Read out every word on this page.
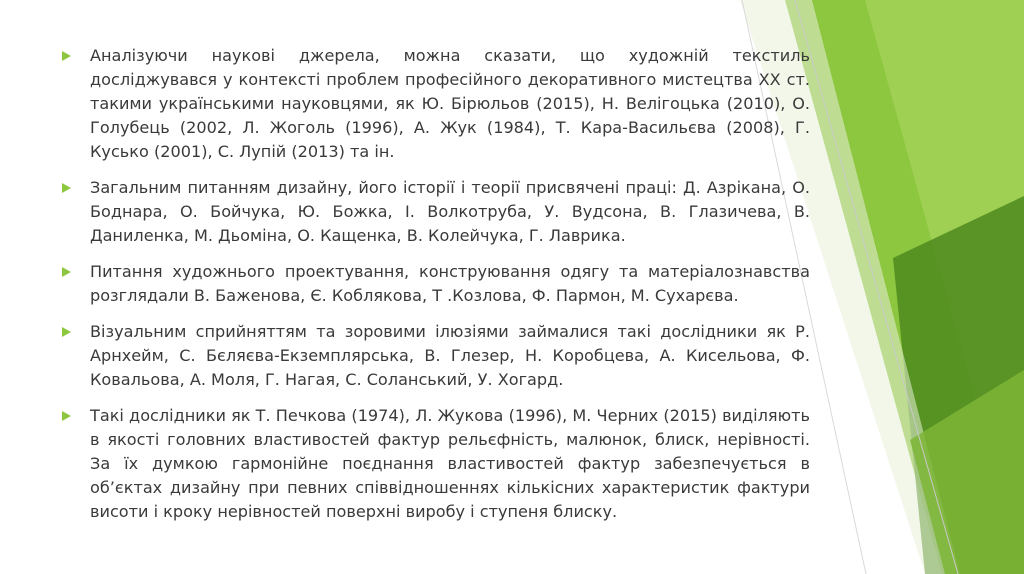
Аналізуючи наукові джерела, можна сказати, що художній текстиль досліджувався у контексті проблем професійного декоративного мистецтва ХХ ст. такими українськими науковцями, як Ю. Бірюльов (2015), Н. Велігоцька (2010), О. Голубець (2002, Л. Жоголь (1996), А. Жук (1984), Т. Кара-Васильєва (2008), Г. Кусько (2001), С. Лупій (2013) та ін.
Загальним питанням дизайну, його історії і теорії присвячені праці: Д. Азрікана, О. Боднара, О. Бойчука, Ю. Божка, І. Волкотруба, У. Вудсона, В. Глазичева, В. Даниленка, М. Дьоміна, О. Кащенка, В. Колейчука, Г. Лаврика.
Питання художнього проектування, конструювання одягу та матеріалознавства розглядали В. Баженова, Є. Коблякова, Т .Козлова, Ф. Пармон, М. Сухарєва.
Візуальним сприйняттям та зоровими ілюзіями займалися такі дослідники як Р. Арнхейм, С. Бєляєва-Екземплярська, В. Глезер, Н. Коробцева, А. Кисельова, Ф. Ковальова, А. Моля, Г. Нагая, С. Соланський, У. Хогард.
Такі дослідники як Т. Печкова (1974), Л. Жукова (1996), М. Черних (2015) виділяють в якості головних властивостей фактур рельєфність, малюнок, блиск, нерівності. За їх думкою гармонійне поєднання властивостей фактур забезпечується в об’єктах дизайну при певних співвідношеннях кількісних характеристик фактури висоти і кроку нерівностей поверхні виробу і ступеня блиску.
